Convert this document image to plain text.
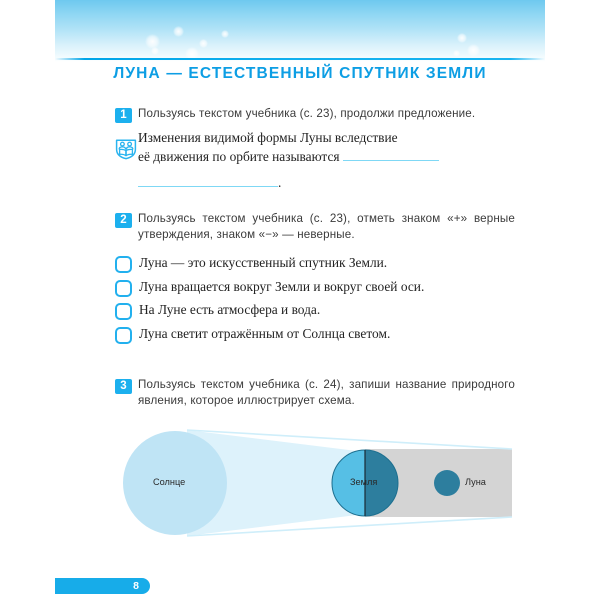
ЛУНА — ЕСТЕСТВЕННЫЙ СПУТНИК ЗЕМЛИ
1 Пользуясь текстом учебника (с. 23), продолжи предложение.
Изменения видимой формы Луны вследствие
её движения по орбите называются
.
2 Пользуясь текстом учебника (с. 23), отметь знаком «+» верные утверждения, знаком «−» — неверные.
Луна — это искусственный спутник Земли.
Луна вращается вокруг Земли и вокруг своей оси.
На Луне есть атмосфера и вода.
Луна светит отражённым от Солнца светом.
3 Пользуясь текстом учебника (с. 24), запиши название природного явления, которое иллюстрирует схема.
Солнце	Земля	Луна
8
